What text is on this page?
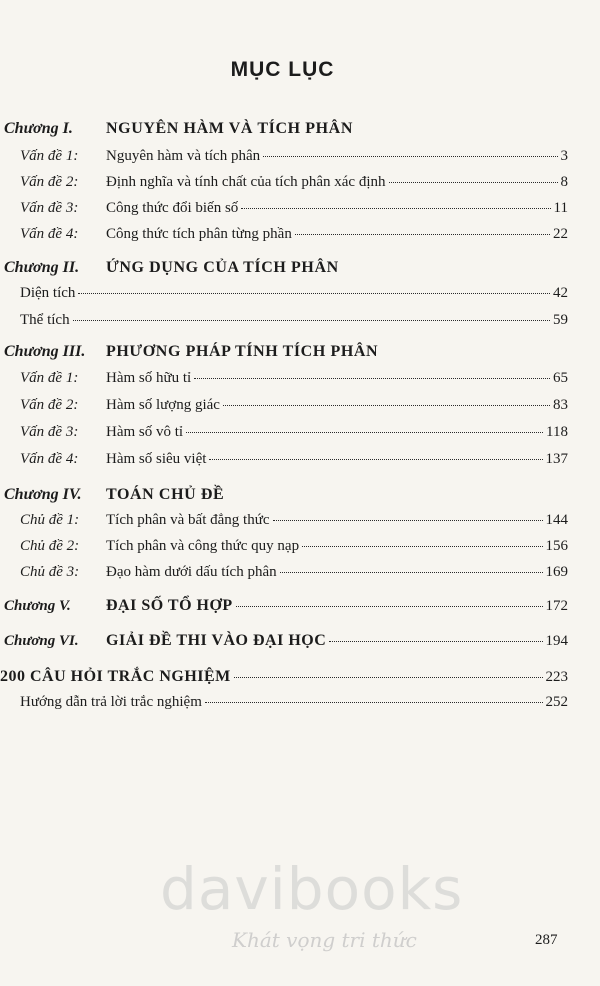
MỤC LỤC
Chương I. NGUYÊN HÀM VÀ TÍCH PHÂN
Vấn đề 1:	Nguyên hàm và tích phân	3
Vấn đề 2:	Định nghĩa và tính chất của tích phân xác định	8
Vấn đề 3:	Công thức đổi biến số	11
Vấn đề 4:	Công thức tích phân từng phần	22
Chương II. ỨNG DỤNG CỦA TÍCH PHÂN
Diện tích	42
Thể tích	59
Chương III. PHƯƠNG PHÁP TÍNH TÍCH PHÂN
Vấn đề 1:	Hàm số hữu tỉ	65
Vấn đề 2:	Hàm số lượng giác	83
Vấn đề 3:	Hàm số vô tỉ	118
Vấn đề 4:	Hàm số siêu việt	137
Chương IV. TOÁN CHỦ ĐỀ
Chủ đề 1:	Tích phân và bất đẳng thức	144
Chủ đề 2:	Tích phân và công thức quy nạp	156
Chủ đề 3:	Đạo hàm dưới dấu tích phân	169
Chương V.	ĐẠI SỐ TỔ HỢP	172
Chương VI.	GIẢI ĐỀ THI VÀO ĐẠI HỌC	194
200 CÂU HỎI TRẮC NGHIỆM	223
Hướng dẫn trả lời trắc nghiệm	252
davibooks
Khát vọng tri thức	287
